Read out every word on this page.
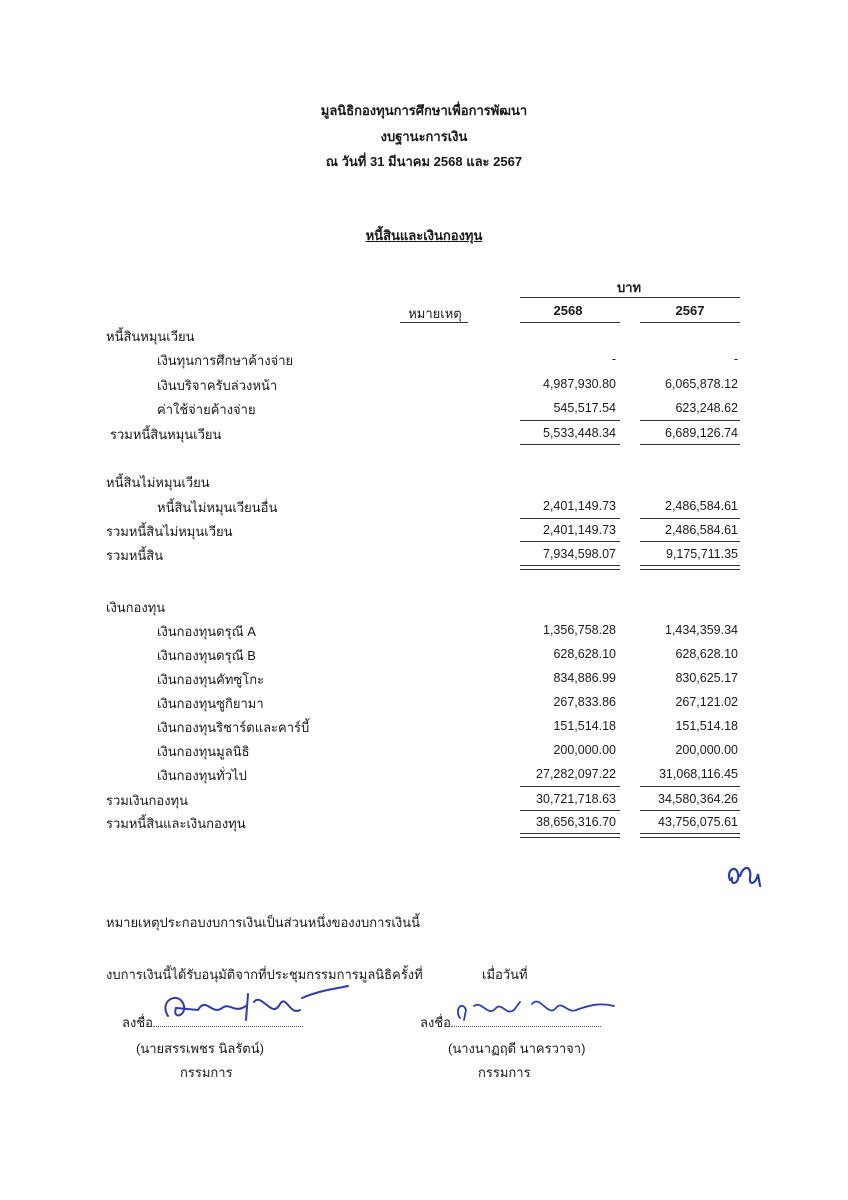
มูลนิธิกองทุนการศึกษาเพื่อการพัฒนา
งบฐานะการเงิน
ณ วันที่ 31 มีนาคม 2568 และ 2567
หนี้สินและเงินกองทุน
บาท
หมายเหตุ	2568	2567
หนี้สินหมุนเวียน
เงินทุนการศึกษาค้างจ่าย	-	-
เงินบริจาครับล่วงหน้า	4,987,930.80	6,065,878.12
ค่าใช้จ่ายค้างจ่าย	545,517.54	623,248.62
รวมหนี้สินหมุนเวียน	5,533,448.34	6,689,126.74
หนี้สินไม่หมุนเวียน
หนี้สินไม่หมุนเวียนอื่น	2,401,149.73	2,486,584.61
รวมหนี้สินไม่หมุนเวียน	2,401,149.73	2,486,584.61
รวมหนี้สิน	7,934,598.07	9,175,711.35
เงินกองทุน
เงินกองทุนดรุณี A	1,356,758.28	1,434,359.34
เงินกองทุนดรุณี B	628,628.10	628,628.10
เงินกองทุนคัทซูโกะ	834,886.99	830,625.17
เงินกองทุนซูกิยามา	267,833.86	267,121.02
เงินกองทุนริชาร์ดและคาร์บี้	151,514.18	151,514.18
เงินกองทุนมูลนิธิ	200,000.00	200,000.00
เงินกองทุนทั่วไป	27,282,097.22	31,068,116.45
รวมเงินกองทุน	30,721,718.63	34,580,364.26
รวมหนี้สินและเงินกองทุน	38,656,316.70	43,756,075.61
หมายเหตุประกอบงบการเงินเป็นส่วนหนึ่งของงบการเงินนี้
งบการเงินนี้ได้รับอนุมัติจากที่ประชุมกรรมการมูลนิธิครั้งที่	เมื่อวันที่
ลงชื่อ
(นายสรรเพชร นิลรัตน์)
กรรมการ
ลงชื่อ
(นางนาฏฤดี นาครวาจา)
กรรมการ
